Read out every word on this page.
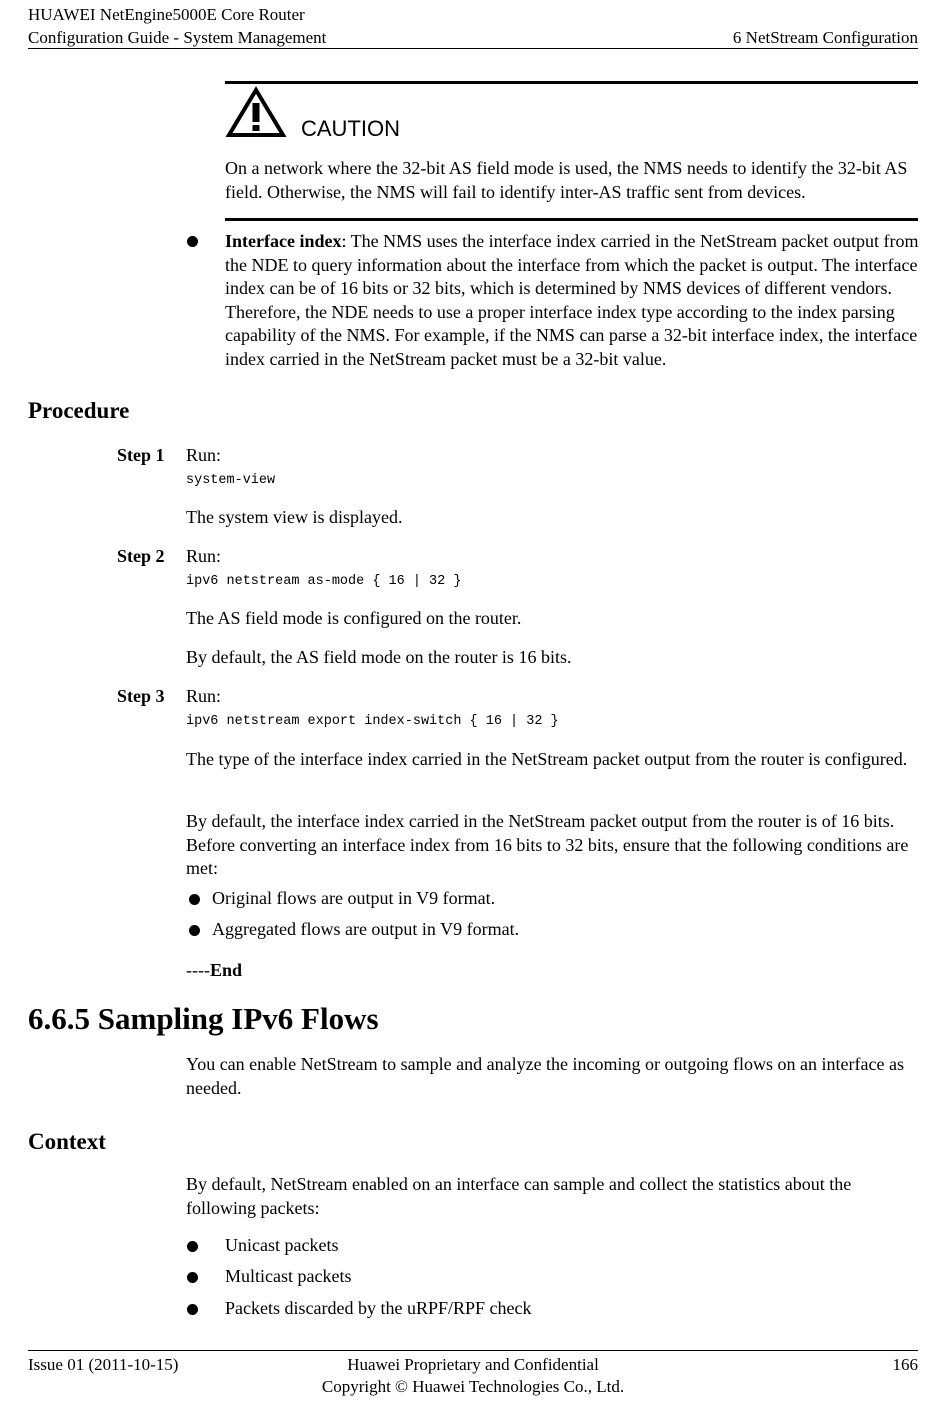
HUAWEI NetEngine5000E Core Router
Configuration Guide - System Management	6 NetStream Configuration
CAUTION
On a network where the 32-bit AS field mode is used, the NMS needs to identify the 32-bit AS field. Otherwise, the NMS will fail to identify inter-AS traffic sent from devices.
Interface index: The NMS uses the interface index carried in the NetStream packet output from the NDE to query information about the interface from which the packet is output. The interface index can be of 16 bits or 32 bits, which is determined by NMS devices of different vendors. Therefore, the NDE needs to use a proper interface index type according to the index parsing capability of the NMS. For example, if the NMS can parse a 32-bit interface index, the interface index carried in the NetStream packet must be a 32-bit value.
Procedure
Step 1 Run:
system-view
The system view is displayed.
Step 2 Run:
ipv6 netstream as-mode { 16 | 32 }
The AS field mode is configured on the router.
By default, the AS field mode on the router is 16 bits.
Step 3 Run:
ipv6 netstream export index-switch { 16 | 32 }
The type of the interface index carried in the NetStream packet output from the router is configured.
By default, the interface index carried in the NetStream packet output from the router is of 16 bits. Before converting an interface index from 16 bits to 32 bits, ensure that the following conditions are met:
Original flows are output in V9 format.
Aggregated flows are output in V9 format.
----End
6.6.5 Sampling IPv6 Flows
You can enable NetStream to sample and analyze the incoming or outgoing flows on an interface as needed.
Context
By default, NetStream enabled on an interface can sample and collect the statistics about the following packets:
Unicast packets
Multicast packets
Packets discarded by the uRPF/RPF check
Issue 01 (2011-10-15)	Huawei Proprietary and Confidential
Copyright © Huawei Technologies Co., Ltd.
166
